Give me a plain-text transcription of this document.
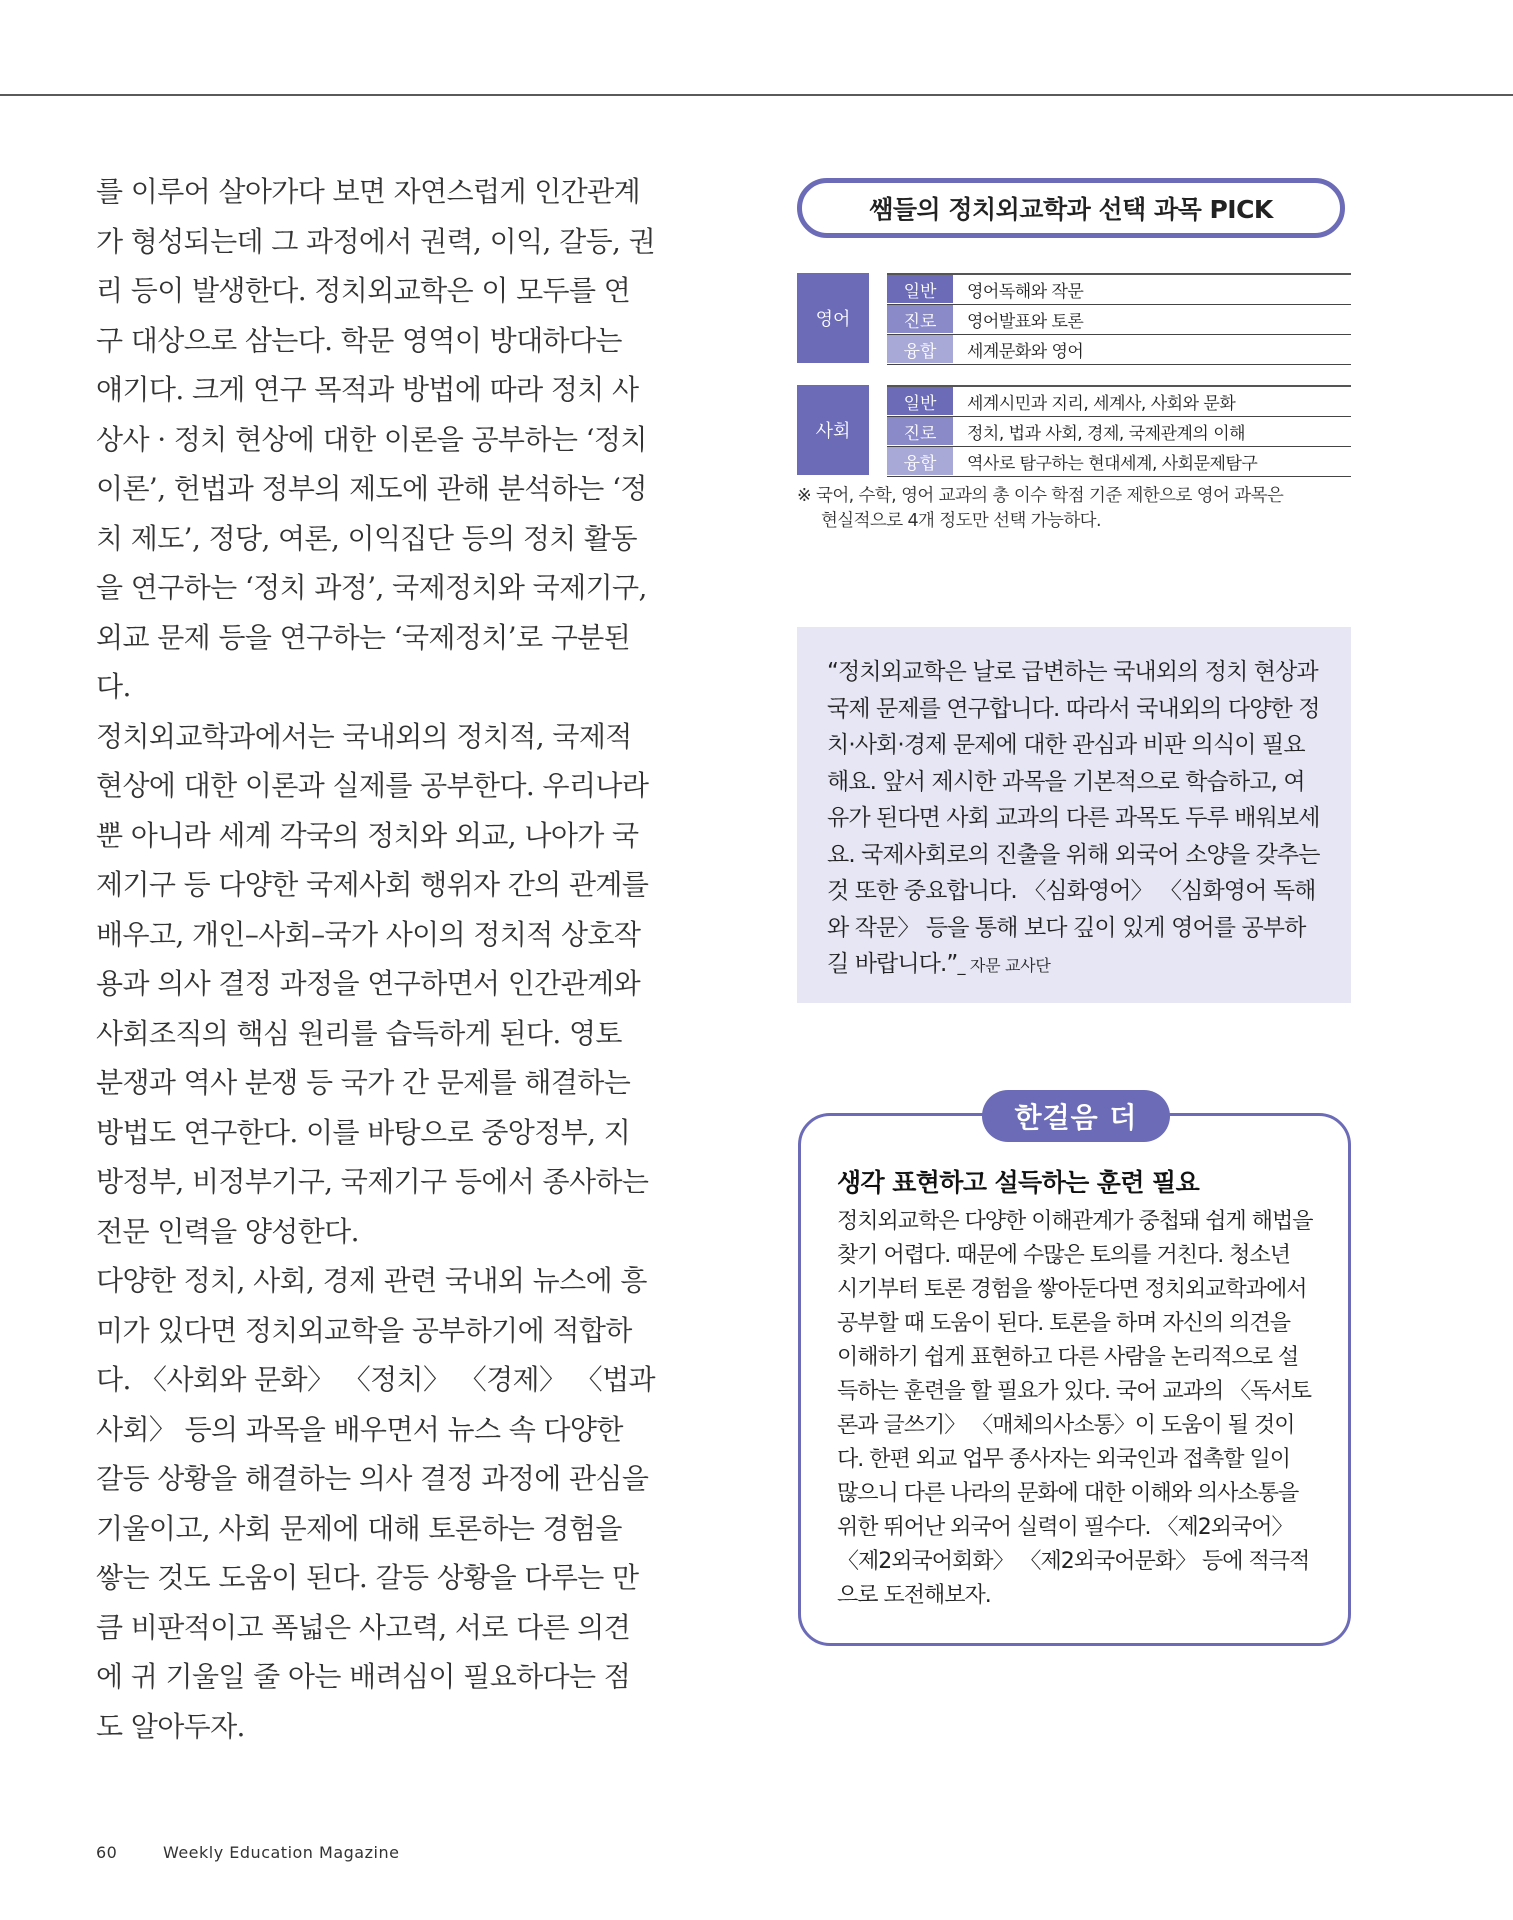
를 이루어 살아가다 보면 자연스럽게 인간관계가 형성되는데 그 과정에서 권력, 이익, 갈등, 권리 등이 발생한다. 정치외교학은 이 모두를 연구 대상으로 삼는다. 학문 영역이 방대하다는 얘기다. 크게 연구 목적과 방법에 따라 정치 사상사 · 정치 현상에 대한 이론을 공부하는 ‘정치 이론’, 헌법과 정부의 제도에 관해 분석하는 ‘정치 제도’, 정당, 여론, 이익집단 등의 정치 활동을 연구하는 ‘정치 과정’, 국제정치와 국제기구, 외교 문제 등을 연구하는 ‘국제정치’로 구분된다.

정치외교학과에서는 국내외의 정치적, 국제적 현상에 대한 이론과 실제를 공부한다. 우리나라뿐 아니라 세계 각국의 정치와 외교, 나아가 국제기구 등 다양한 국제사회 행위자 간의 관계를 배우고, 개인–사회–국가 사이의 정치적 상호작용과 의사 결정 과정을 연구하면서 인간관계와 사회조직의 핵심 원리를 습득하게 된다. 영토 분쟁과 역사 분쟁 등 국가 간 문제를 해결하는 방법도 연구한다. 이를 바탕으로 중앙정부, 지방정부, 비정부기구, 국제기구 등에서 종사하는 전문 인력을 양성한다.

다양한 정치, 사회, 경제 관련 국내외 뉴스에 흥미가 있다면 정치외교학을 공부하기에 적합하다. 〈사회와 문화〉 〈정치〉 〈경제〉 〈법과 사회〉 등의 과목을 배우면서 뉴스 속 다양한 갈등 상황을 해결하는 의사 결정 과정에 관심을 기울이고, 사회 문제에 대해 토론하는 경험을 쌓는 것도 도움이 된다. 갈등 상황을 다루는 만큼 비판적이고 폭넓은 사고력, 서로 다른 의견에 귀 기울일 줄 아는 배려심이 필요하다는 점도 알아두자.

쌤들의 정치외교학과 선택 과목 PICK
영어
일반	영어독해와 작문
진로	영어발표와 토론
융합	세계문화와 영어
사회
일반	세계시민과 지리, 세계사, 사회와 문화
진로	정치, 법과 사회, 경제, 국제관계의 이해
융합	역사로 탐구하는 현대세계, 사회문제탐구
※ 국어, 수학, 영어 교과의 총 이수 학점 기준 제한으로 영어 과목은
현실적으로 4개 정도만 선택 가능하다.

“정치외교학은 날로 급변하는 국내외의 정치 현상과 국제 문제를 연구합니다. 따라서 국내외의 다양한 정치·사회·경제 문제에 대한 관심과 비판 의식이 필요해요. 앞서 제시한 과목을 기본적으로 학습하고, 여유가 된다면 사회 교과의 다른 과목도 두루 배워보세요. 국제사회로의 진출을 위해 외국어 소양을 갖추는 것 또한 중요합니다. 〈심화영어〉 〈심화영어 독해와 작문〉 등을 통해 보다 깊이 있게 영어를 공부하길 바랍니다.”_ 자문 교사단

생각 표현하고 설득하는 훈련 필요

정치외교학은 다양한 이해관계가 중첩돼 쉽게 해법을 찾기 어렵다. 때문에 수많은 토의를 거친다. 청소년 시기부터 토론 경험을 쌓아둔다면 정치외교학과에서 공부할 때 도움이 된다. 토론을 하며 자신의 의견을 이해하기 쉽게 표현하고 다른 사람을 논리적으로 설득하는 훈련을 할 필요가 있다. 국어 교과의 〈독서토론과 글쓰기〉 〈매체의사소통〉이 도움이 될 것이다. 한편 외교 업무 종사자는 외국인과 접촉할 일이 많으니 다른 나라의 문화에 대한 이해와 의사소통을 위한 뛰어난 외국어 실력이 필수다. 〈제2외국어〉 〈제2외국어회화〉 〈제2외국어문화〉 등에 적극적으로 도전해보자.

한걸음 더
60	Weekly Education Magazine
